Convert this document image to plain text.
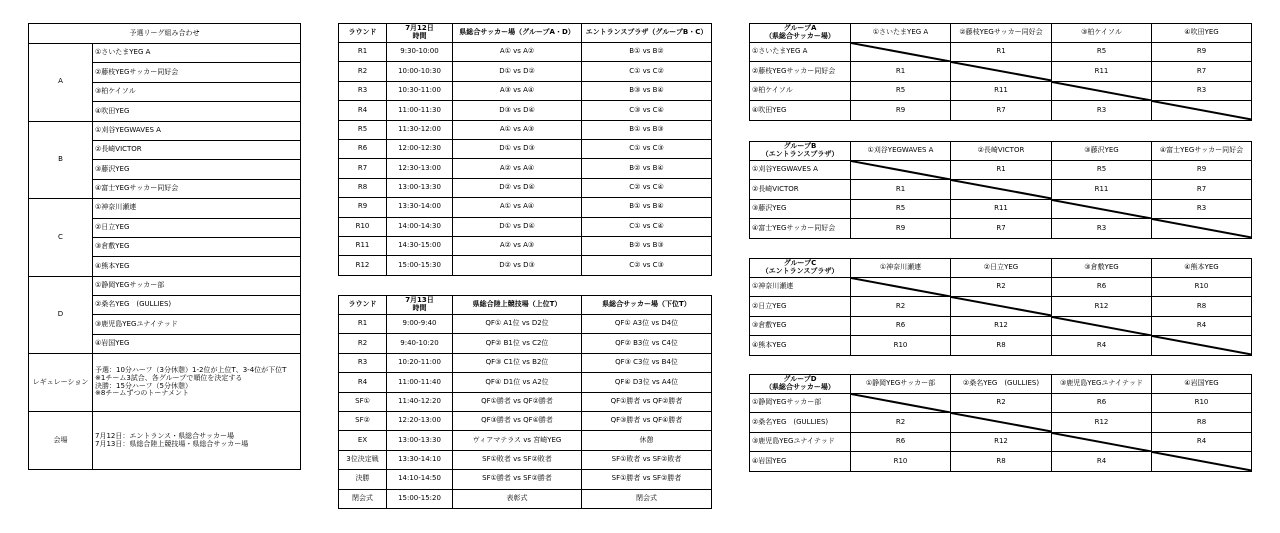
予選リーグ組み合わせ	
A	①さいたまYEG A
	②藤枝YEGサッカー同好会
	③柏ケイソル
	④吹田YEG
B	①刈谷YEGWAVES A
	②長崎VICTOR
	③藤沢YEG
	④富士YEGサッカー同好会
C	①神奈川瀬連
	②日立YEG
	③倉敷YEG
	④熊本YEG
D	①静岡YEGサッカー部
	②桑名YEG　(GULLIES)
	③鹿児島YEGユナイテッド
	④岩国YEG
レギュレーション	予選：10分ハーフ（3分休憩）1-2位が上位T、3-4位が下位T
※1チーム3試合、各グループで順位を決定する
決勝：15分ハーフ（5分休憩）
※8チームずつのトーナメント
会場	7月12日：エントランス・県総合サッカー場
7月13日：県総合陸上競技場・県総合サッカー場
ラウンド	7月12日
時間	県総合サッカー場（グループA・D）	エントランスプラザ（グループB・C）
R1	9:30-10:00	A① vs A②	B① vs B②
R2	10:00-10:30	D① vs D②	C① vs C②
R3	10:30-11:00	A③ vs A④	B③ vs B④
R4	11:00-11:30	D③ vs D④	C③ vs C④
R5	11:30-12:00	A① vs A③	B① vs B③
R6	12:00-12:30	D① vs D③	C① vs C③
R7	12:30-13:00	A② vs A④	B② vs B④
R8	13:00-13:30	D② vs D④	C② vs C④
R9	13:30-14:00	A① vs A④	B① vs B④
R10	14:00-14:30	D① vs D④	C① vs C④
R11	14:30-15:00	A② vs A③	B② vs B③
R12	15:00-15:30	D② vs D③	C② vs C③
ラウンド	7月13日
時間	県総合陸上競技場（上位T）	県総合サッカー場（下位T）
R1	9:00-9:40	QF① A1位 vs D2位	QF① A3位 vs D4位
R2	9:40-10:20	QF② B1位 vs C2位	QF② B3位 vs C4位
R3	10:20-11:00	QF③ C1位 vs B2位	QF③ C3位 vs B4位
R4	11:00-11:40	QF④ D1位 vs A2位	QF④ D3位 vs A4位
SF①	11:40-12:20	QF①勝者 vs QF②勝者	QF①勝者 vs QF②勝者
SF②	12:20-13:00	QF③勝者 vs QF④勝者	QF③勝者 vs QF④勝者
EX	13:00-13:30	ヴィアマテラス vs 宮崎YEG	休憩
3位決定戦	13:30-14:10	SF①敗者 vs SF②敗者	SF①敗者 vs SF②敗者
決勝	14:10-14:50	SF①勝者 vs SF②勝者	SF①勝者 vs SF②勝者
閉会式	15:00-15:20	表彰式	閉会式
グループA
（県総合サッカー場）	①さいたまYEG A	②藤枝YEGサッカー同好会	③柏ケイソル	④吹田YEG
①さいたまYEG A		R1	R5	R9
②藤枝YEGサッカー同好会	R1		R11	R7
③柏ケイソル	R5	R11		R3
④吹田YEG	R9	R7	R3	
グループB
（エントランスプラザ）	①刈谷YEGWAVES A	②長崎VICTOR	③藤沢YEG	④富士YEGサッカー同好会
①刈谷YEGWAVES A		R1	R5	R9
②長崎VICTOR	R1		R11	R7
③藤沢YEG	R5	R11		R3
④富士YEGサッカー同好会	R9	R7	R3	
グループC
（エントランスプラザ）	①神奈川瀬連	②日立YEG	③倉敷YEG	④熊本YEG
①神奈川瀬連		R2	R6	R10
②日立YEG	R2		R12	R8
③倉敷YEG	R6	R12		R4
④熊本YEG	R10	R8	R4	
グループD
（県総合サッカー場）	①静岡YEGサッカー部	②桑名YEG　(GULLIES)	③鹿児島YEGユナイテッド	④岩国YEG
①静岡YEGサッカー部		R2	R6	R10
②桑名YEG　(GULLIES)	R2		R12	R8
③鹿児島YEGユナイテッド	R6	R12		R4
④岩国YEG	R10	R8	R4	
